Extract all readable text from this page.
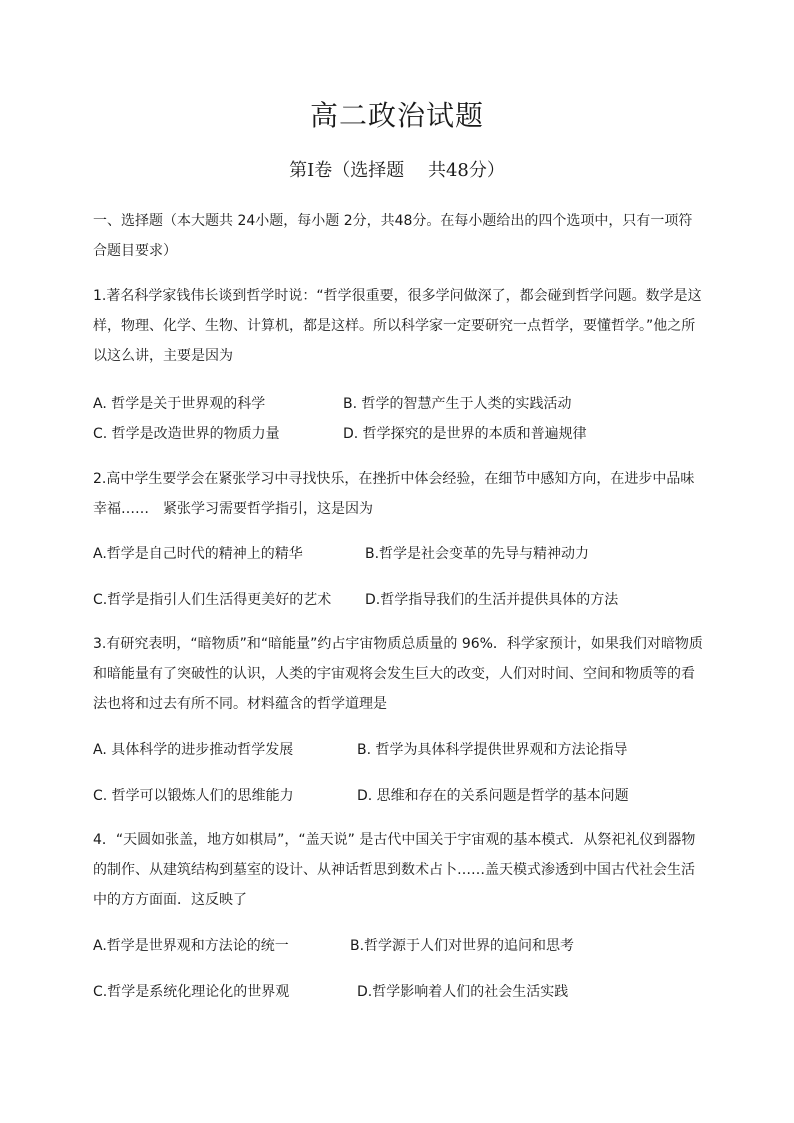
高二政治试题
第Ⅰ卷（选择题　 共48分）

一、选择题（本大题共 24小题，每小题 2分，共48分。在每小题给出的四个选项中，只有一项符合题目要求）

1.著名科学家钱伟长谈到哲学时说：“哲学很重要，很多学问做深了，都会碰到哲学问题。数学是这样，物理、化学、生物、计算机，都是这样。所以科学家一定要研究一点哲学，要懂哲学。”他之所以这么讲，主要是因为

A. 哲学是关于世界观的科学	B. 哲学的智慧产生于人类的实践活动

C. 哲学是改造世界的物质力量	D. 哲学探究的是世界的本质和普遍规律

2.高中学生要学会在紧张学习中寻找快乐，在挫折中体会经验，在细节中感知方向，在进步中品味幸福……　紧张学习需要哲学指引，这是因为

A.哲学是自己时代的精神上的精华	B.哲学是社会变革的先导与精神动力

C.哲学是指引人们生活得更美好的艺术 D.哲学指导我们的生活并提供具体的方法

3.有研究表明，“暗物质”和“暗能量”约占宇宙物质总质量的 96%．科学家预计，如果我们对暗物质和暗能量有了突破性的认识，人类的宇宙观将会发生巨大的改变，人们对时间、空间和物质等的看法也将和过去有所不同。材料蕴含的哲学道理是

A. 具体科学的进步推动哲学发展	B. 哲学为具体科学提供世界观和方法论指导

C. 哲学可以锻炼人们的思维能力	D. 思维和存在的关系问题是哲学的基本问题

4．“天圆如张盖，地方如棋局”，“盖天说” 是古代中国关于宇宙观的基本模式．从祭祀礼仪到器物的制作、从建筑结构到墓室的设计、从神话哲思到数术占卜……盖天模式渗透到中国古代社会生活中的方方面面．这反映了

A.哲学是世界观和方法论的统一	B.哲学源于人们对世界的追问和思考

C.哲学是系统化理论化的世界观	D.哲学影响着人们的社会生活实践
